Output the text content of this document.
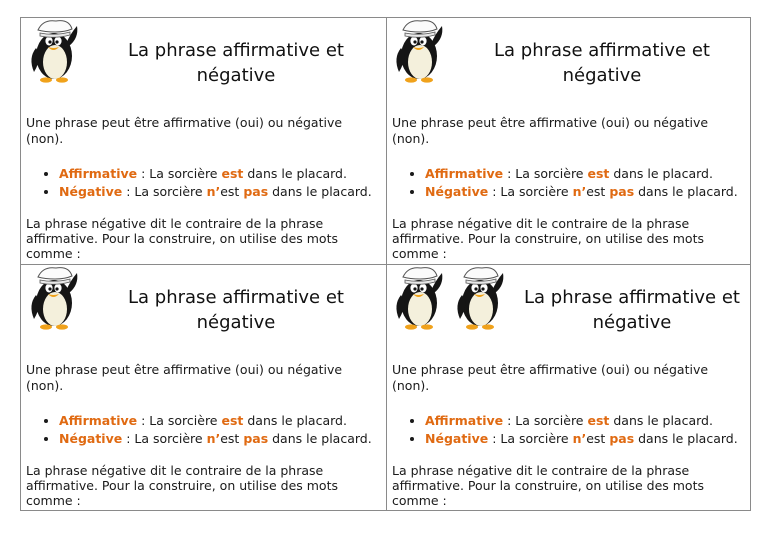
La phrase affirmative et négative

Une phrase peut être affirmative (oui) ou négative (non).

• Affirmative : La sorcière est dans le placard.
• Négative : La sorcière n’est pas dans le placard.

La phrase négative dit le contraire de la phrase affirmative. Pour la construire, on utilise des mots comme :

La phrase affirmative et négative

Une phrase peut être affirmative (oui) ou négative (non).

• Affirmative : La sorcière est dans le placard.
• Négative : La sorcière n’est pas dans le placard.

La phrase négative dit le contraire de la phrase affirmative. Pour la construire, on utilise des mots comme :

La phrase affirmative et négative

Une phrase peut être affirmative (oui) ou négative (non).

• Affirmative : La sorcière est dans le placard.
• Négative : La sorcière n’est pas dans le placard.

La phrase négative dit le contraire de la phrase affirmative. Pour la construire, on utilise des mots comme :

La phrase affirmative et négative

Une phrase peut être affirmative (oui) ou négative (non).

• Affirmative : La sorcière est dans le placard.
• Négative : La sorcière n’est pas dans le placard.

La phrase négative dit le contraire de la phrase affirmative. Pour la construire, on utilise des mots comme :
